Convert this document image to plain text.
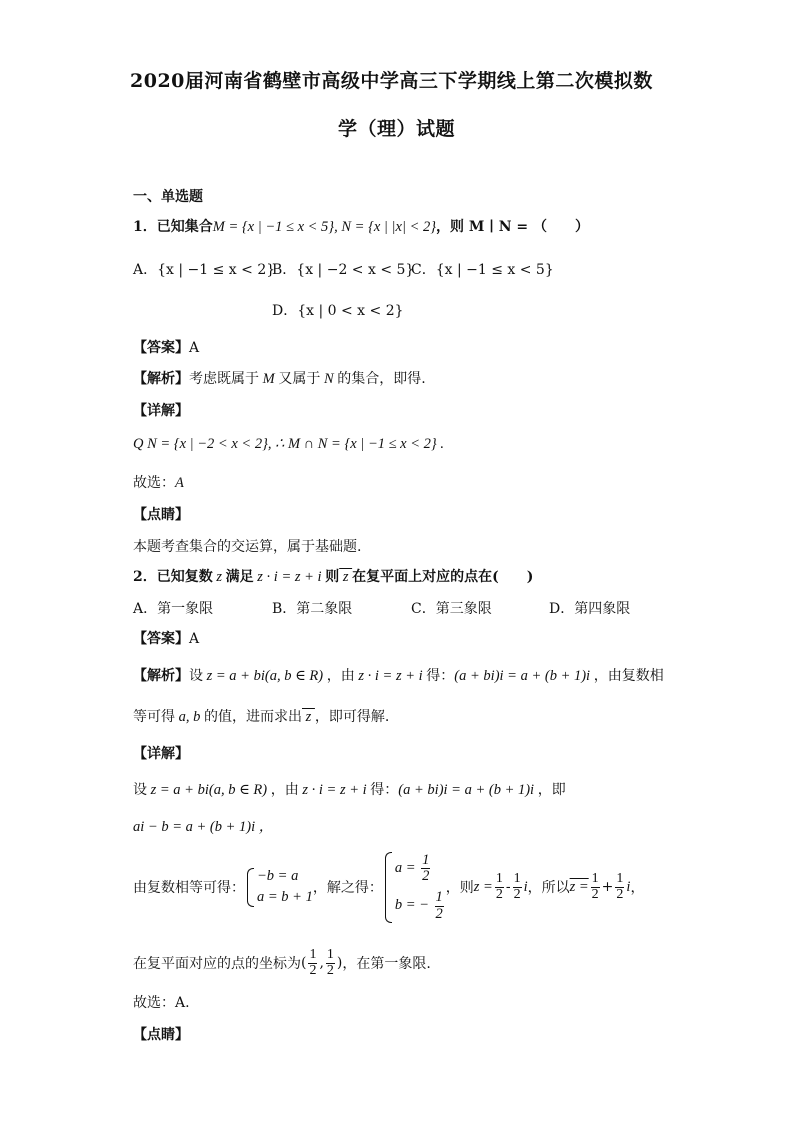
2020届河南省鹤壁市高级中学高三下学期线上第二次模拟数
学（理）试题
一、单选题
1．已知集合M = {x | −1 ≤ x < 5}, N = {x | |x| < 2}，则 M ∣ N = （　　）
A．{x | −1 ≤ x < 2}
B．{x | −2 < x < 5}
C．{x | −1 ≤ x < 5}
D．{x | 0 < x < 2}
【答案】A
【解析】考虑既属于 M 又属于 N 的集合，即得.
【详解】
Q N = {x | −2 < x < 2}, ∴ M ∩ N = {x | −1 ≤ x < 2} .
故选：A
【点睛】
本题考查集合的交运算，属于基础题.
2．已知复数 z 满足 z · i = z + i 则 z 在复平面上对应的点在(　　)
A．第一象限	B．第二象限	C．第三象限	D．第四象限
【答案】A
【解析】设 z = a + bi(a, b ∈ R) ，由 z · i = z + i 得：(a + bi)i = a + (b + 1)i ，由复数相
等可得 a, b 的值，进而求出 z ，即可得解.
【详解】
设 z = a + bi(a, b ∈ R) ，由 z · i = z + i 得：(a + bi)i = a + (b + 1)i ，即
ai − b = a + (b + 1)i ，
由复数相等可得：
−b = a
a = b + 1
，解之得：
$a = \frac{1}{2}$
b = − $\frac{1}{2}$
，则 $z = \frac{1}{2} - \frac{1}{2}$ i ，所以 $z = \frac{1}{2} + \frac{1}{2}$ i ，
在复平面对应的点的坐标为 ( $\frac{1}{2}$ , $\frac{1}{2}$ ) ，在第一象限.
故选：A.
【点睛】
